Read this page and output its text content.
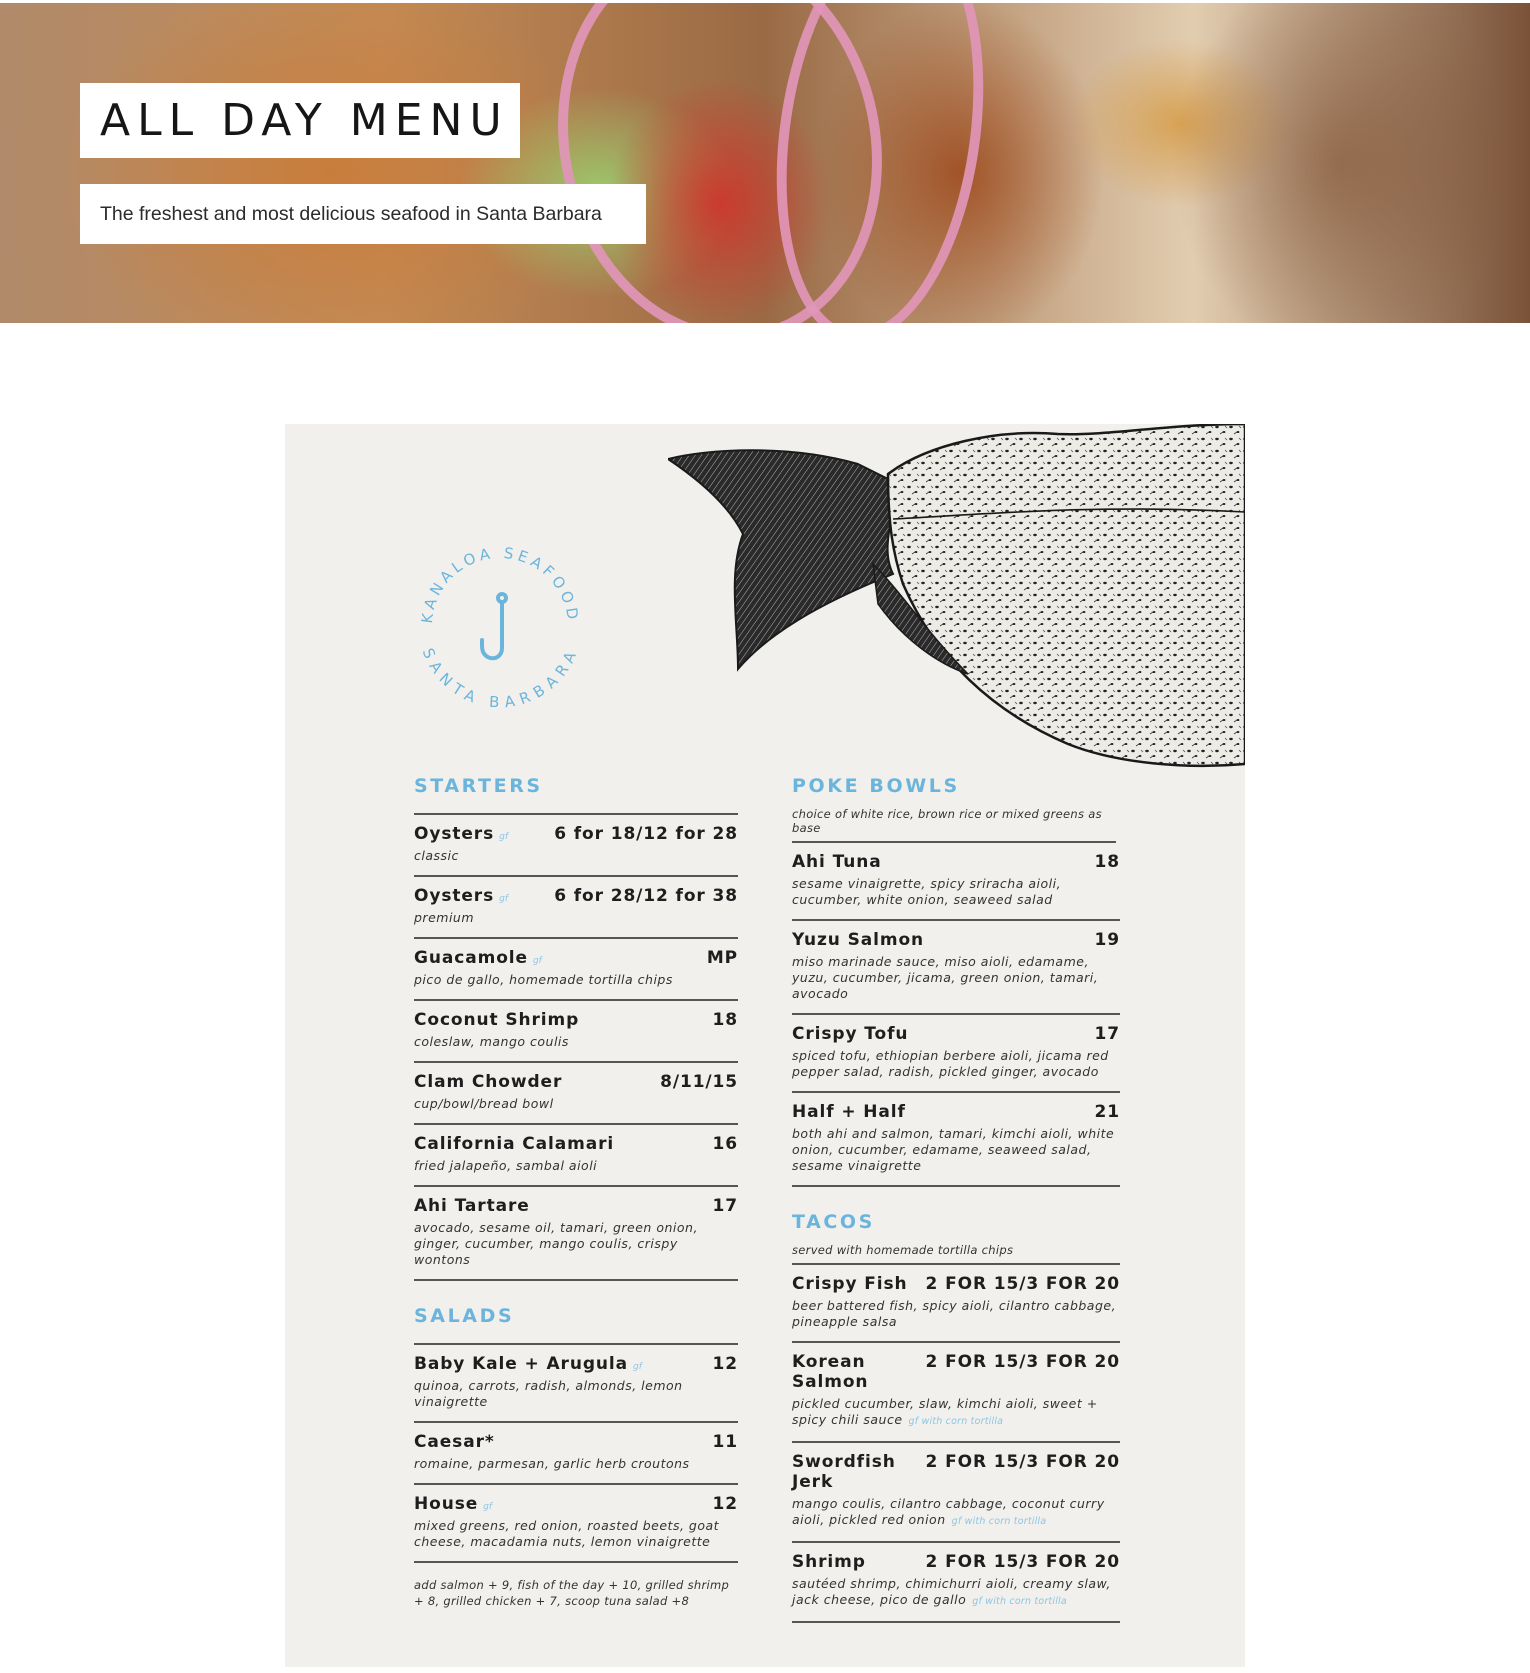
ALL DAY MENU
The freshest and most delicious seafood in Santa Barbara
KANALOA SEAFOOD
SANTA BARBARA
STARTERS
Oysters gf	6 for 18/12 for 28
classic
Oysters gf	6 for 28/12 for 38
premium
Guacamole gf	MP
pico de gallo, homemade tortilla chips
Coconut Shrimp	18
coleslaw, mango coulis
Clam Chowder	8/11/15
cup/bowl/bread bowl
California Calamari	16
fried jalapeño, sambal aioli
Ahi Tartare	17
avocado, sesame oil, tamari, green onion, ginger, cucumber, mango coulis, crispy wontons
SALADS
Baby Kale + Arugula gf	12
quinoa, carrots, radish, almonds, lemon vinaigrette
Caesar*	11
romaine, parmesan, garlic herb croutons
House gf	12
mixed greens, red onion, roasted beets, goat cheese, macadamia nuts, lemon vinaigrette
add salmon + 9, fish of the day + 10, grilled shrimp + 8, grilled chicken + 7, scoop tuna salad +8
POKE BOWLS
choice of white rice, brown rice or mixed greens as base
Ahi Tuna	18
sesame vinaigrette, spicy sriracha aioli, cucumber, white onion, seaweed salad
Yuzu Salmon	19
miso marinade sauce, miso aioli, edamame, yuzu, cucumber, jicama, green onion, tamari, avocado
Crispy Tofu	17
spiced tofu, ethiopian berbere aioli, jicama red pepper salad, radish, pickled ginger, avocado
Half + Half	21
both ahi and salmon, tamari, kimchi aioli, white onion, cucumber, edamame, seaweed salad, sesame vinaigrette
TACOS
served with homemade tortilla chips
Crispy Fish 2 FOR 15/3 FOR 20
beer battered fish, spicy aioli, cilantro cabbage, pineapple salsa
Korean Salmon
2 FOR 15/3 FOR 20
pickled cucumber, slaw, kimchi aioli, sweet + spicy chili sauce gf with corn tortilla
Swordfish Jerk
2 FOR 15/3 FOR 20
mango coulis, cilantro cabbage, coconut curry aioli, pickled red onion gf with corn tortilla
Shrimp	2 FOR 15/3 FOR 20
sautéed shrimp, chimichurri aioli, creamy slaw, jack cheese, pico de gallo gf with corn tortilla
